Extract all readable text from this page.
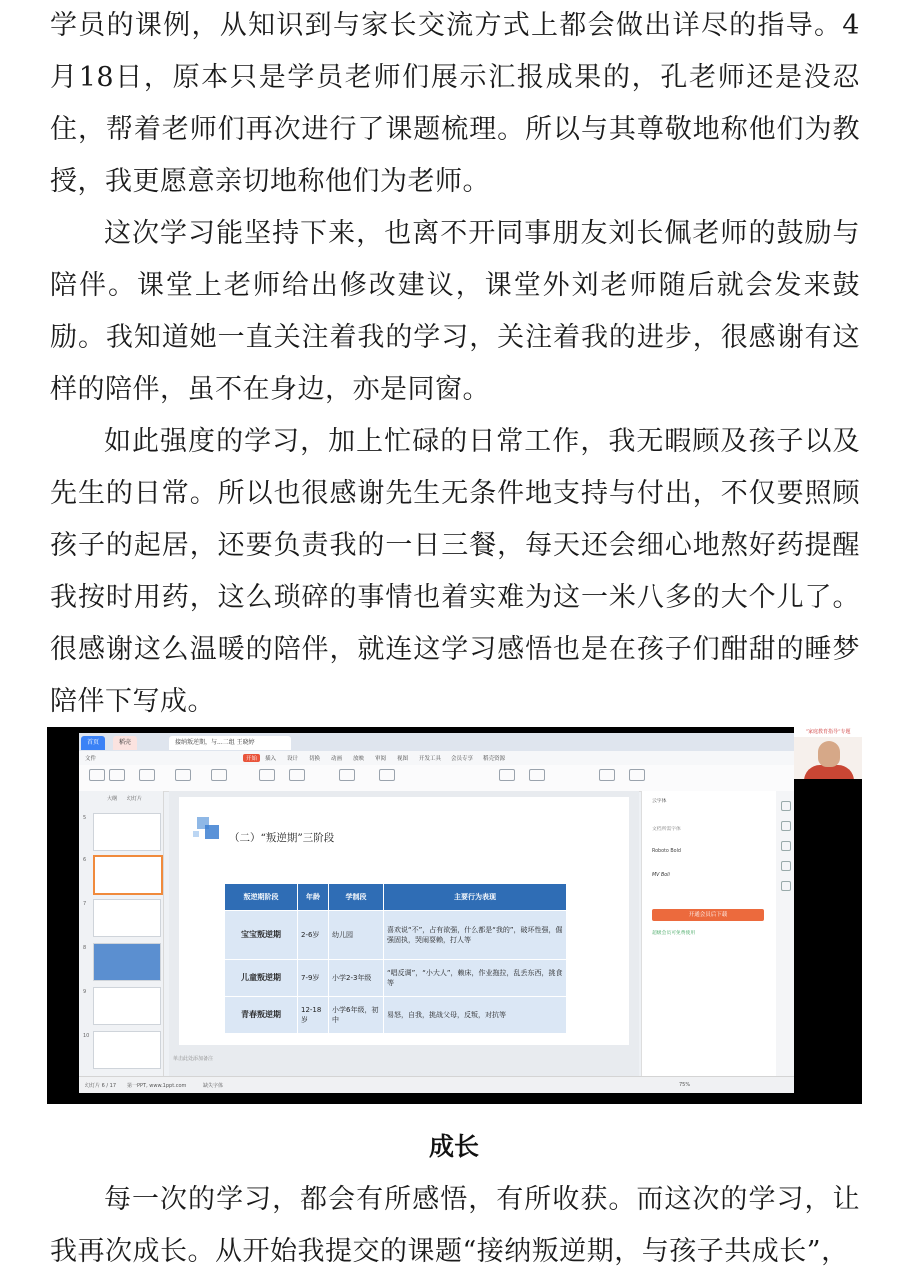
学员的课例，从知识到与家长交流方式上都会做出详尽的指导。4月18日，原本只是学员老师们展示汇报成果的，孔老师还是没忍住，帮着老师们再次进行了课题梳理。所以与其尊敬地称他们为教授，我更愿意亲切地称他们为老师。

这次学习能坚持下来，也离不开同事朋友刘长佩老师的鼓励与陪伴。课堂上老师给出修改建议，课堂外刘老师随后就会发来鼓励。我知道她一直关注着我的学习，关注着我的进步，很感谢有这样的陪伴，虽不在身边，亦是同窗。

如此强度的学习，加上忙碌的日常工作，我无暇顾及孩子以及先生的日常。所以也很感谢先生无条件地支持与付出，不仅要照顾孩子的起居，还要负责我的一日三餐，每天还会细心地熬好药提醒我按时用药，这么琐碎的事情也着实难为这一米八多的大个儿了。很感谢这么温暖的陪伴，就连这学习感悟也是在孩子们酣甜的睡梦陪伴下写成。

首页	稻壳	接纳叛逆期，与...二组 王晓婷
文件	开始	插入 设计 切换 动画 放映 审阅 视图 开发工具 会员专享 稻壳资源
大纲 幻灯片
5
6
7
8
9
10
（二）“叛逆期”三阶段
叛逆期阶段	年龄	学制段	主要行为表现
宝宝叛逆期	2-6岁	幼儿园	喜欢说“不”，占有欲强，什么都是“我的”，破坏性强，倔强固执，哭闹耍赖，打人等
儿童叛逆期	7-9岁	小学2-3年级	“唱反调”，“小大人”，赖床，作业拖拉，乱丢东西，挑食等
青春叛逆期	12-18岁	小学6年级，初中	易怒，自我，挑战父母，反叛，对抗等
单击此处添加备注
云字体
文档所需字体
Roboto Bold
MV Boli
开通会员后下载
超级会员可免费使用
幻灯片 6 / 17 第一PPT, www.1ppt.com	缺失字体	75%
“家庭教育指导”专题
成长

每一次的学习，都会有所感悟，有所收获。而这次的学习，让我再次成长。从开始我提交的课题“接纳叛逆期，与孩子共成长”，
